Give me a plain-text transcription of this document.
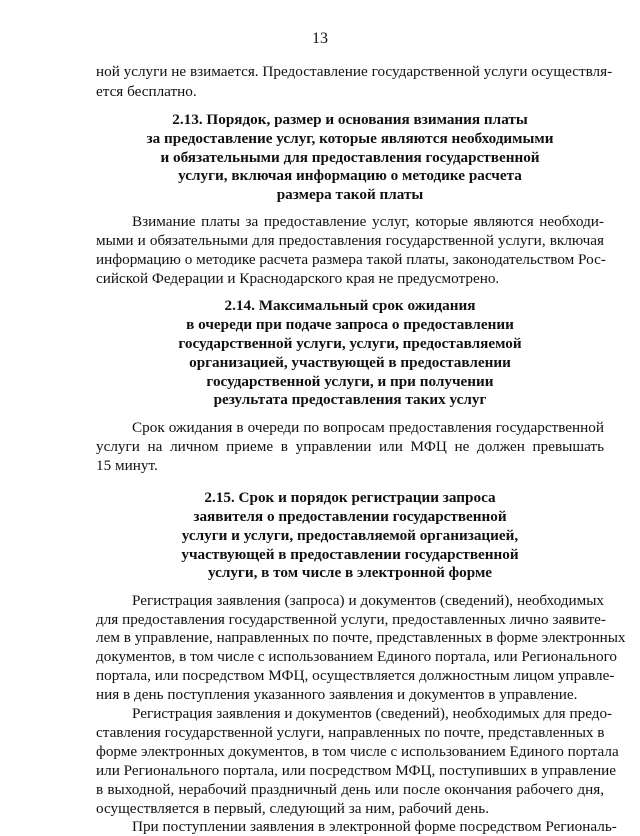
13
ной услуги не взимается. Предоставление государственной услуги осуществля-
ется бесплатно.
2.13. Порядок, размер и основания взимания платы
за предоставление услуг, которые являются необходимыми
и обязательными для предоставления государственной
услуги, включая информацию о методике расчета
размера такой платы
Взимание платы за предоставление услуг, которые являются необходи-
мыми и обязательными для предоставления государственной услуги, включая
информацию о методике расчета размера такой платы, законодательством Рос-
сийской Федерации и Краснодарского края не предусмотрено.
2.14. Максимальный срок ожидания
в очереди при подаче запроса о предоставлении
государственной услуги, услуги, предоставляемой
организацией, участвующей в предоставлении
государственной услуги, и при получении
результата предоставления таких услуг
Срок ожидания в очереди по вопросам предоставления государственной
услуги на личном приеме в управлении или МФЦ не должен превышать
15 минут.
2.15. Срок и порядок регистрации запроса
заявителя о предоставлении государственной
услуги и услуги, предоставляемой организацией,
участвующей в предоставлении государственной
услуги, в том числе в электронной форме
Регистрация заявления (запроса) и документов (сведений), необходимых
для предоставления государственной услуги, предоставленных лично заявите-
лем в управление, направленных по почте, представленных в форме электронных
документов, в том числе с использованием Единого портала, или Регионального
портала, или посредством МФЦ, осуществляется должностным лицом управле-
ния в день поступления указанного заявления и документов в управление.
Регистрация заявления и документов (сведений), необходимых для предо-
ставления государственной услуги, направленных по почте, представленных в
форме электронных документов, в том числе с использованием Единого портала
или Регионального портала, или посредством МФЦ, поступивших в управление
в выходной, нерабочий праздничный день или после окончания рабочего дня,
осуществляется в первый, следующий за ним, рабочий день.
При поступлении заявления в электронной форме посредством Региональ-
